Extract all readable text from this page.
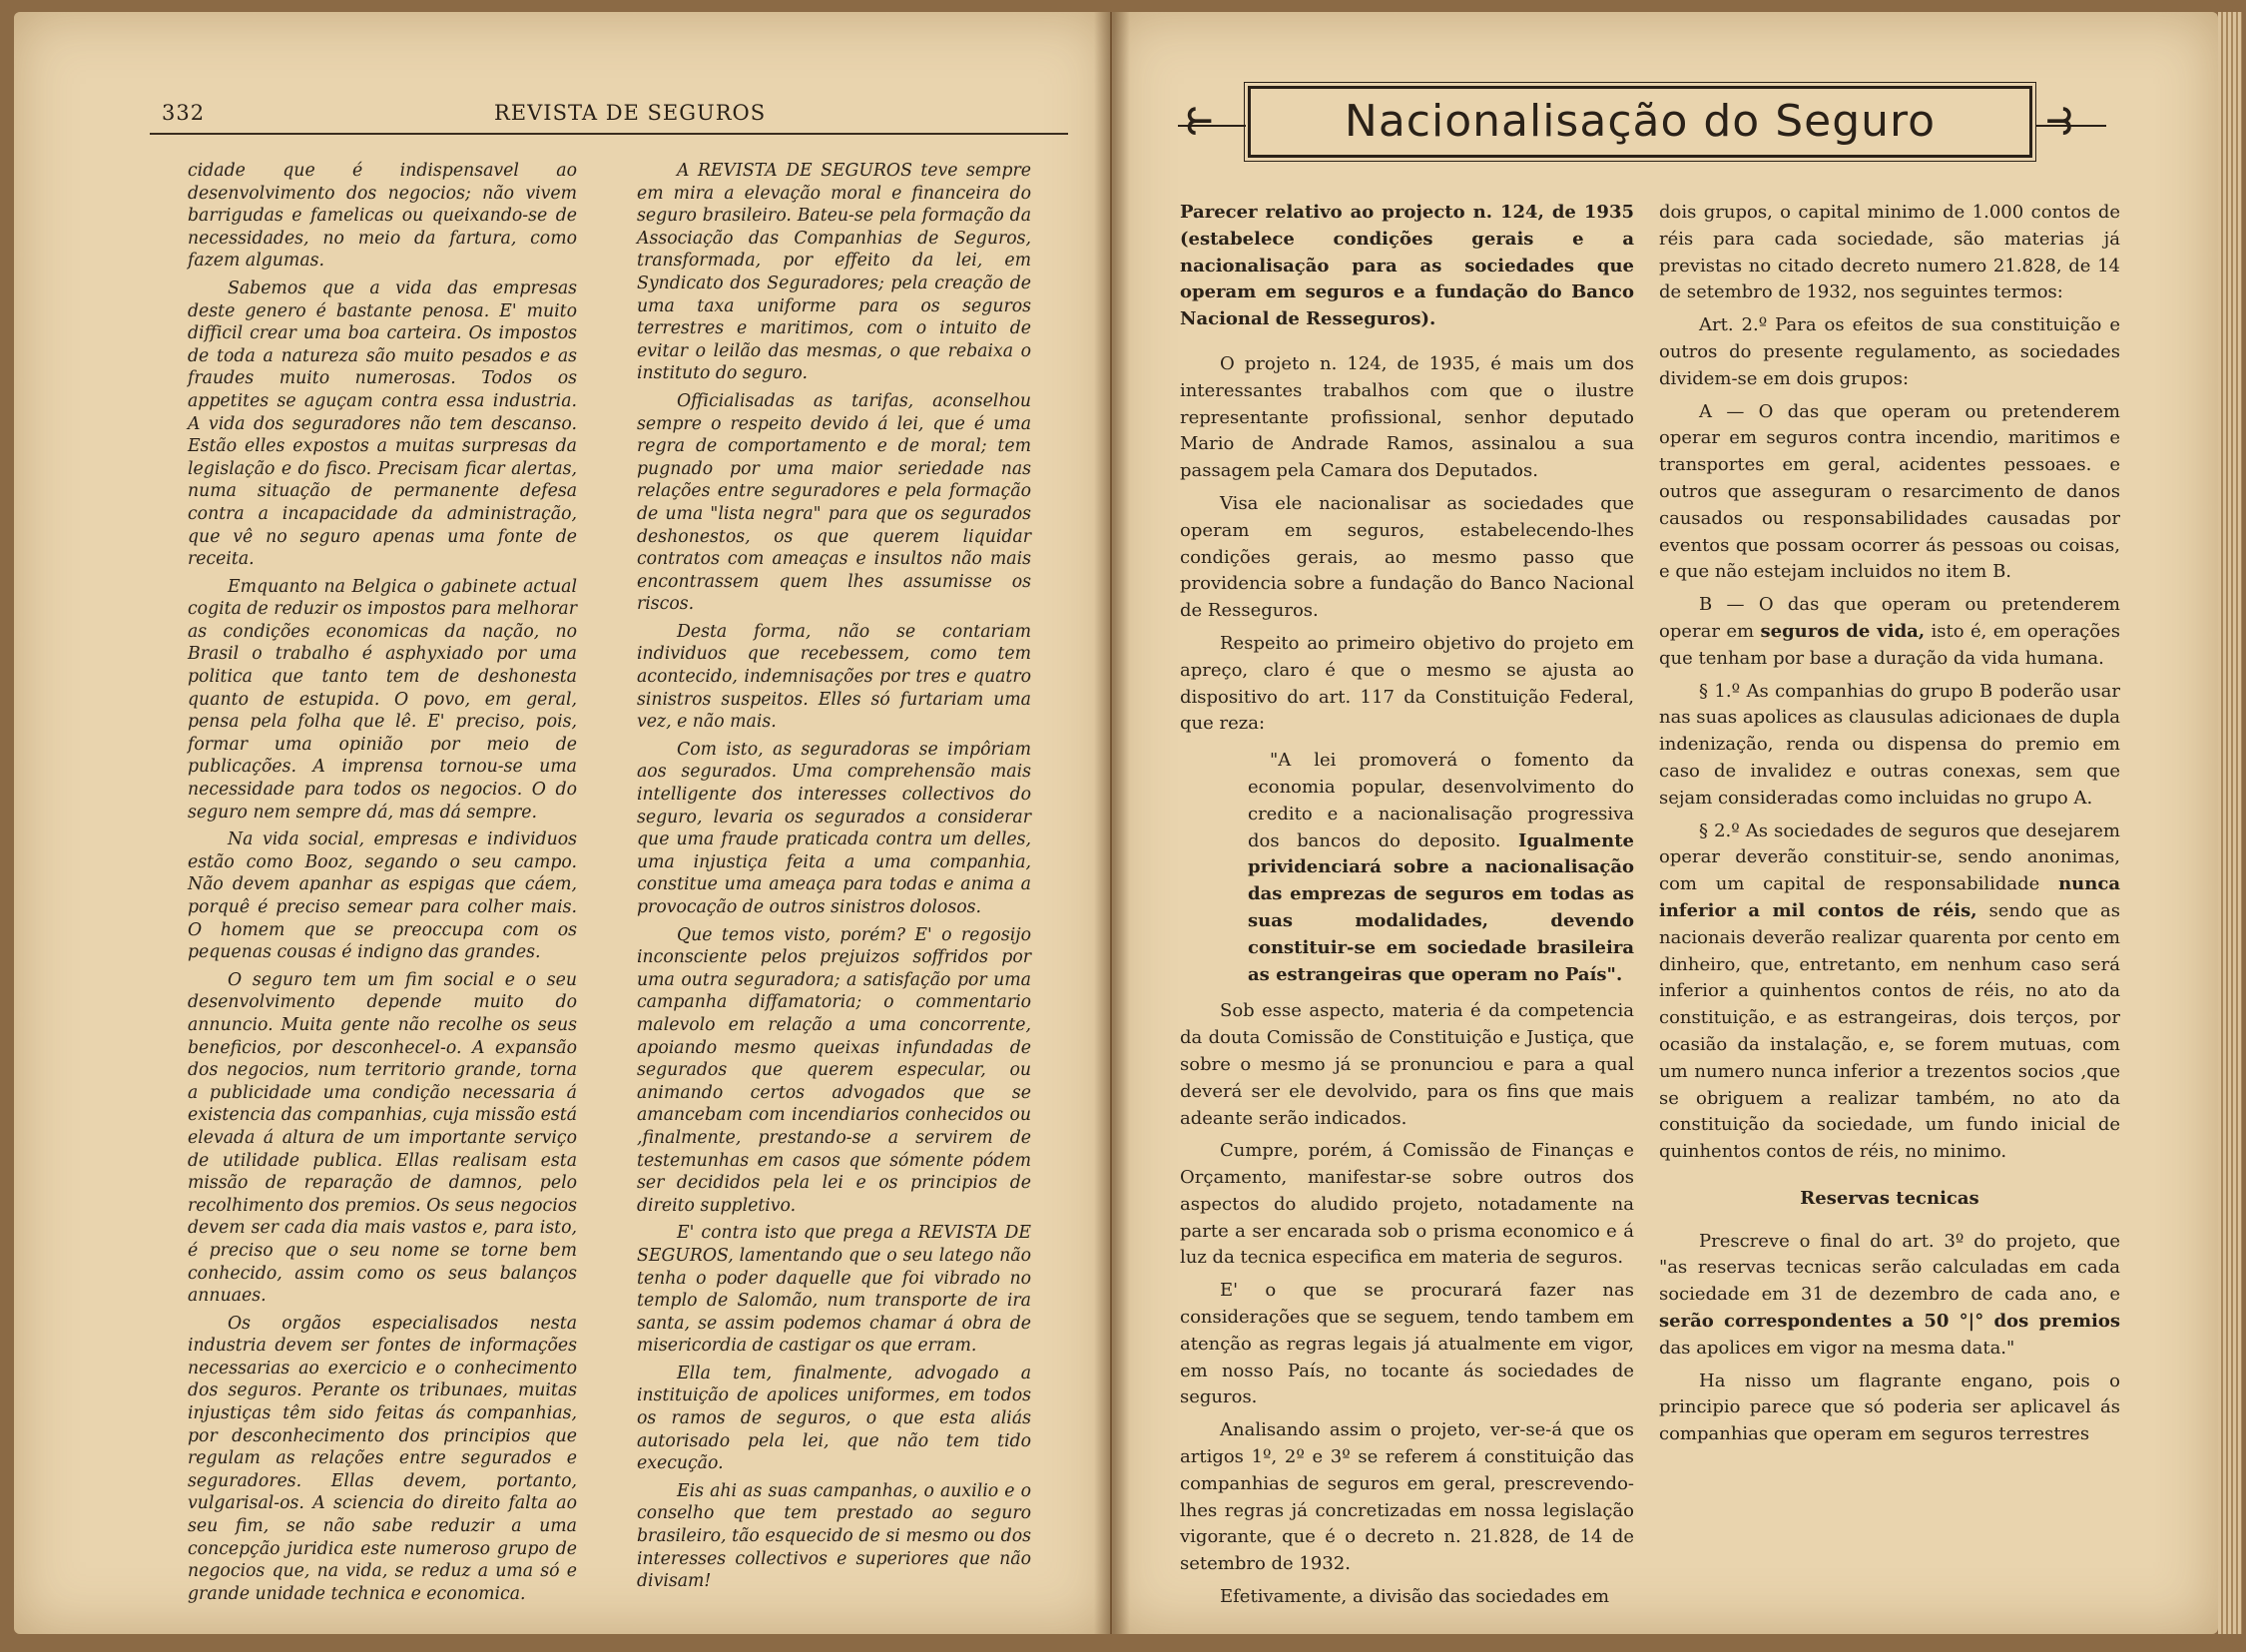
332	REVISTA DE SEGUROS

cidade que é indispensavel ao desenvolvimento dos negocios; não vivem barrigudas e famelicas ou queixando-se de necessidades, no meio da fartura, como fazem algumas.

Sabemos que a vida das empresas deste genero é bastante penosa. E' muito difficil crear uma boa carteira. Os impostos de toda a natureza são muito pesados e as fraudes muito numerosas. Todos os appetites se aguçam contra essa industria. A vida dos seguradores não tem descanso. Estão elles expostos a muitas surpresas da legislação e do fisco. Precisam ficar alertas, numa situação de permanente defesa contra a incapacidade da administração, que vê no seguro apenas uma fonte de receita.

Emquanto na Belgica o gabinete actual cogita de reduzir os impostos para melhorar as condições economicas da nação, no Brasil o trabalho é asphyxiado por uma politica que tanto tem de deshonesta quanto de estupida. O povo, em geral, pensa pela folha que lê. E' preciso, pois, formar uma opinião por meio de publicações. A imprensa tornou-se uma necessidade para todos os negocios. O do seguro nem sempre dá, mas dá sempre.

Na vida social, empresas e individuos estão como Booz, segando o seu campo. Não devem apanhar as espigas que cáem, porquê é preciso semear para colher mais. O homem que se preoccupa com os pequenas cousas é indigno das grandes.

O seguro tem um fim social e o seu desenvolvimento depende muito do annuncio. Muita gente não recolhe os seus beneficios, por desconhecel-o. A expansão dos negocios, num territorio grande, torna a publicidade uma condição necessaria á existencia das companhias, cuja missão está elevada á altura de um importante serviço de utilidade publica. Ellas realisam esta missão de reparação de damnos, pelo recolhimento dos premios. Os seus negocios devem ser cada dia mais vastos e, para isto, é preciso que o seu nome se torne bem conhecido, assim como os seus balanços annuaes.

Os orgãos especialisados nesta industria devem ser fontes de informações necessarias ao exercicio e o conhecimento dos seguros. Perante os tribunaes, muitas injustiças têm sido feitas ás companhias, por desconhecimento dos principios que regulam as relações entre segurados e seguradores. Ellas devem, portanto, vulgarisal-os. A sciencia do direito falta ao seu fim, se não sabe reduzir a uma concepção juridica este numeroso grupo de negocios que, na vida, se reduz a uma só e grande unidade technica e economica.

A REVISTA DE SEGUROS teve sempre em mira a elevação moral e financeira do seguro brasileiro. Bateu-se pela formação da Associação das Companhias de Seguros, transformada, por effeito da lei, em Syndicato dos Seguradores; pela creação de uma taxa uniforme para os seguros terrestres e maritimos, com o intuito de evitar o leilão das mesmas, o que rebaixa o instituto do seguro.

Officialisadas as tarifas, aconselhou sempre o respeito devido á lei, que é uma regra de comportamento e de moral; tem pugnado por uma maior seriedade nas relações entre seguradores e pela formação de uma "lista negra" para que os segurados deshonestos, os que querem liquidar contratos com ameaças e insultos não mais encontrassem quem lhes assumisse os riscos.

Desta forma, não se contariam individuos que recebessem, como tem acontecido, indemnisações por tres e quatro sinistros suspeitos. Elles só furtariam uma vez, e não mais.

Com isto, as seguradoras se impôriam aos segurados. Uma comprehensão mais intelligente dos interesses collectivos do seguro, levaria os segurados a considerar que uma fraude praticada contra um delles, uma injustiça feita a uma companhia, constitue uma ameaça para todas e anima a provocação de outros sinistros dolosos.

Que temos visto, porém? E' o regosijo inconsciente pelos prejuizos soffridos por uma outra seguradora; a satisfação por uma campanha diffamatoria; o commentario malevolo em relação a uma concorrente, apoiando mesmo queixas infundadas de segurados que querem especular, ou animando certos advogados que se amancebam com incendiarios conhecidos ou ,finalmente, prestando-se a servirem de testemunhas em casos que sómente pódem ser decididos pela lei e os principios de direito suppletivo.

E' contra isto que prega a REVISTA DE SEGUROS, lamentando que o seu latego não tenha o poder daquelle que foi vibrado no templo de Salomão, num transporte de ira santa, se assim podemos chamar á obra de misericordia de castigar os que erram.

Ella tem, finalmente, advogado a instituição de apolices uniformes, em todos os ramos de seguros, o que esta aliás autorisado pela lei, que não tem tido execução.

Eis ahi as suas campanhas, o auxilio e o conselho que tem prestado ao seguro brasileiro, tão esquecido de si mesmo ou dos interesses collectivos e superiores que não divisam!

⥼	⥼
Nacionalisação do Seguro

Parecer relativo ao projecto n. 124, de 1935 (estabelece condições gerais e a nacionalisação para as sociedades que operam em seguros e a fundação do Banco Nacional de Resseguros).

O projeto n. 124, de 1935, é mais um dos interessantes trabalhos com que o ilustre representante profissional, senhor deputado Mario de Andrade Ramos, assinalou a sua passagem pela Camara dos Deputados.

Visa ele nacionalisar as sociedades que operam em seguros, estabelecendo-lhes condições gerais, ao mesmo passo que providencia sobre a fundação do Banco Nacional de Resseguros.

Respeito ao primeiro objetivo do projeto em apreço, claro é que o mesmo se ajusta ao dispositivo do art. 117 da Constituição Federal, que reza:

"A lei promoverá o fomento da economia popular, desenvolvimento do credito e a nacionalisação progressiva dos bancos do deposito. Igualmente prividenciará sobre a nacionalisação das emprezas de seguros em todas as suas modalidades, devendo constituir-se em sociedade brasileira as estrangeiras que operam no País".

Sob esse aspecto, materia é da competencia da douta Comissão de Constituição e Justiça, que sobre o mesmo já se pronunciou e para a qual deverá ser ele devolvido, para os fins que mais adeante serão indicados.

Cumpre, porém, á Comissão de Finanças e Orçamento, manifestar-se sobre outros dos aspectos do aludido projeto, notadamente na parte a ser encarada sob o prisma economico e á luz da tecnica especifica em materia de seguros.

E' o que se procurará fazer nas considerações que se seguem, tendo tambem em atenção as regras legais já atualmente em vigor, em nosso País, no tocante ás sociedades de seguros.

Analisando assim o projeto, ver-se-á que os artigos 1º, 2º e 3º se referem á constituição das companhias de seguros em geral, prescrevendo-lhes regras já concretizadas em nossa legislação vigorante, que é o decreto n. 21.828, de 14 de setembro de 1932.

Efetivamente, a divisão das sociedades em

dois grupos, o capital minimo de 1.000 contos de réis para cada sociedade, são materias já previstas no citado decreto numero 21.828, de 14 de setembro de 1932, nos seguintes termos:

Art. 2.º Para os efeitos de sua constituição e outros do presente regulamento, as sociedades dividem-se em dois grupos:

A — O das que operam ou pretenderem operar em seguros contra incendio, maritimos e transportes em geral, acidentes pessoaes. e outros que asseguram o resarcimento de danos causados ou responsabilidades causadas por eventos que possam ocorrer ás pessoas ou coisas, e que não estejam incluidos no item B.

B — O das que operam ou pretenderem operar em seguros de vida, isto é, em operações que tenham por base a duração da vida humana.

§ 1.º As companhias do grupo B poderão usar nas suas apolices as clausulas adicionaes de dupla indenização, renda ou dispensa do premio em caso de invalidez e outras conexas, sem que sejam consideradas como incluidas no grupo A.

§ 2.º As sociedades de seguros que desejarem operar deverão constituir-se, sendo anonimas, com um capital de responsabilidade nunca inferior a mil contos de réis, sendo que as nacionais deverão realizar quarenta por cento em dinheiro, que, entretanto, em nenhum caso será inferior a quinhentos contos de réis, no ato da constituição, e as estrangeiras, dois terços, por ocasião da instalação, e, se forem mutuas, com um numero nunca inferior a trezentos socios ,que se obriguem a realizar também, no ato da constituição da sociedade, um fundo inicial de quinhentos contos de réis, no minimo.

Reservas tecnicas

Prescreve o final do art. 3º do projeto, que "as reservas tecnicas serão calculadas em cada sociedade em 31 de dezembro de cada ano, e serão correspondentes a 50 °|° dos premios das apolices em vigor na mesma data."

Ha nisso um flagrante engano, pois o principio parece que só poderia ser aplicavel ás companhias que operam em seguros terrestres
